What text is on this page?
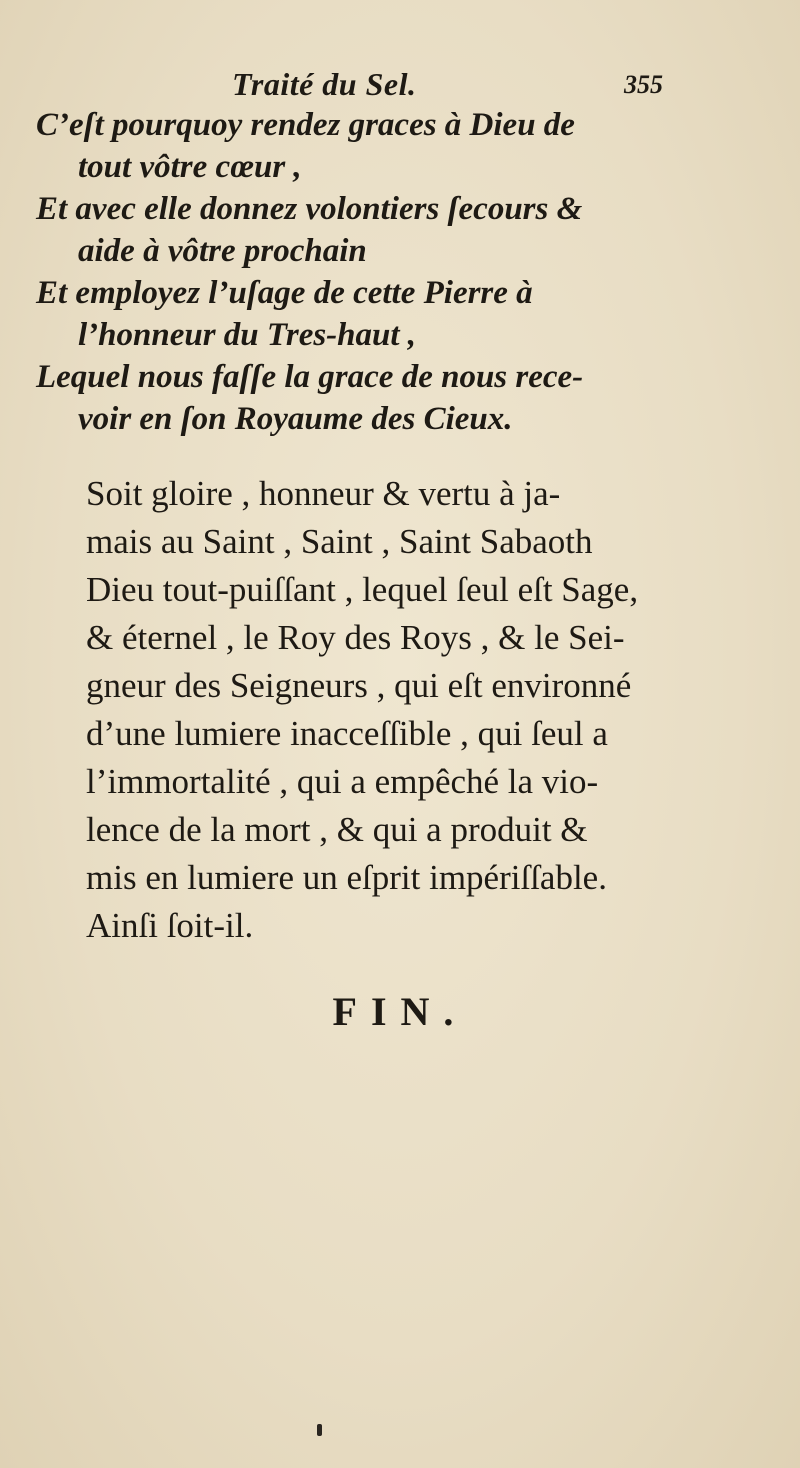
Traité du Sel.	355
C’eſt pourquoy rendez graces à Dieu de
tout vôtre cœur ,
Et avec elle donnez volontiers ſecours &
aide à vôtre prochain
Et employez l’uſage de cette Pierre à
l’honneur du Tres-haut ,
Lequel nous faſſe la grace de nous rece-
voir en ſon Royaume des Cieux.
Soit gloire , honneur & vertu à ja-
mais au Saint , Saint , Saint Sabaoth
Dieu tout-puiſſant , lequel ſeul eſt Sage,
& éternel , le Roy des Roys , & le Sei-
gneur des Seigneurs , qui eſt environné
d’une lumiere inacceſſible , qui ſeul a
l’immortalité , qui a empêché la vio-
lence de la mort , & qui a produit &
mis en lumiere un eſprit impériſſable.
Ainſi ſoit-il.
FIN.
